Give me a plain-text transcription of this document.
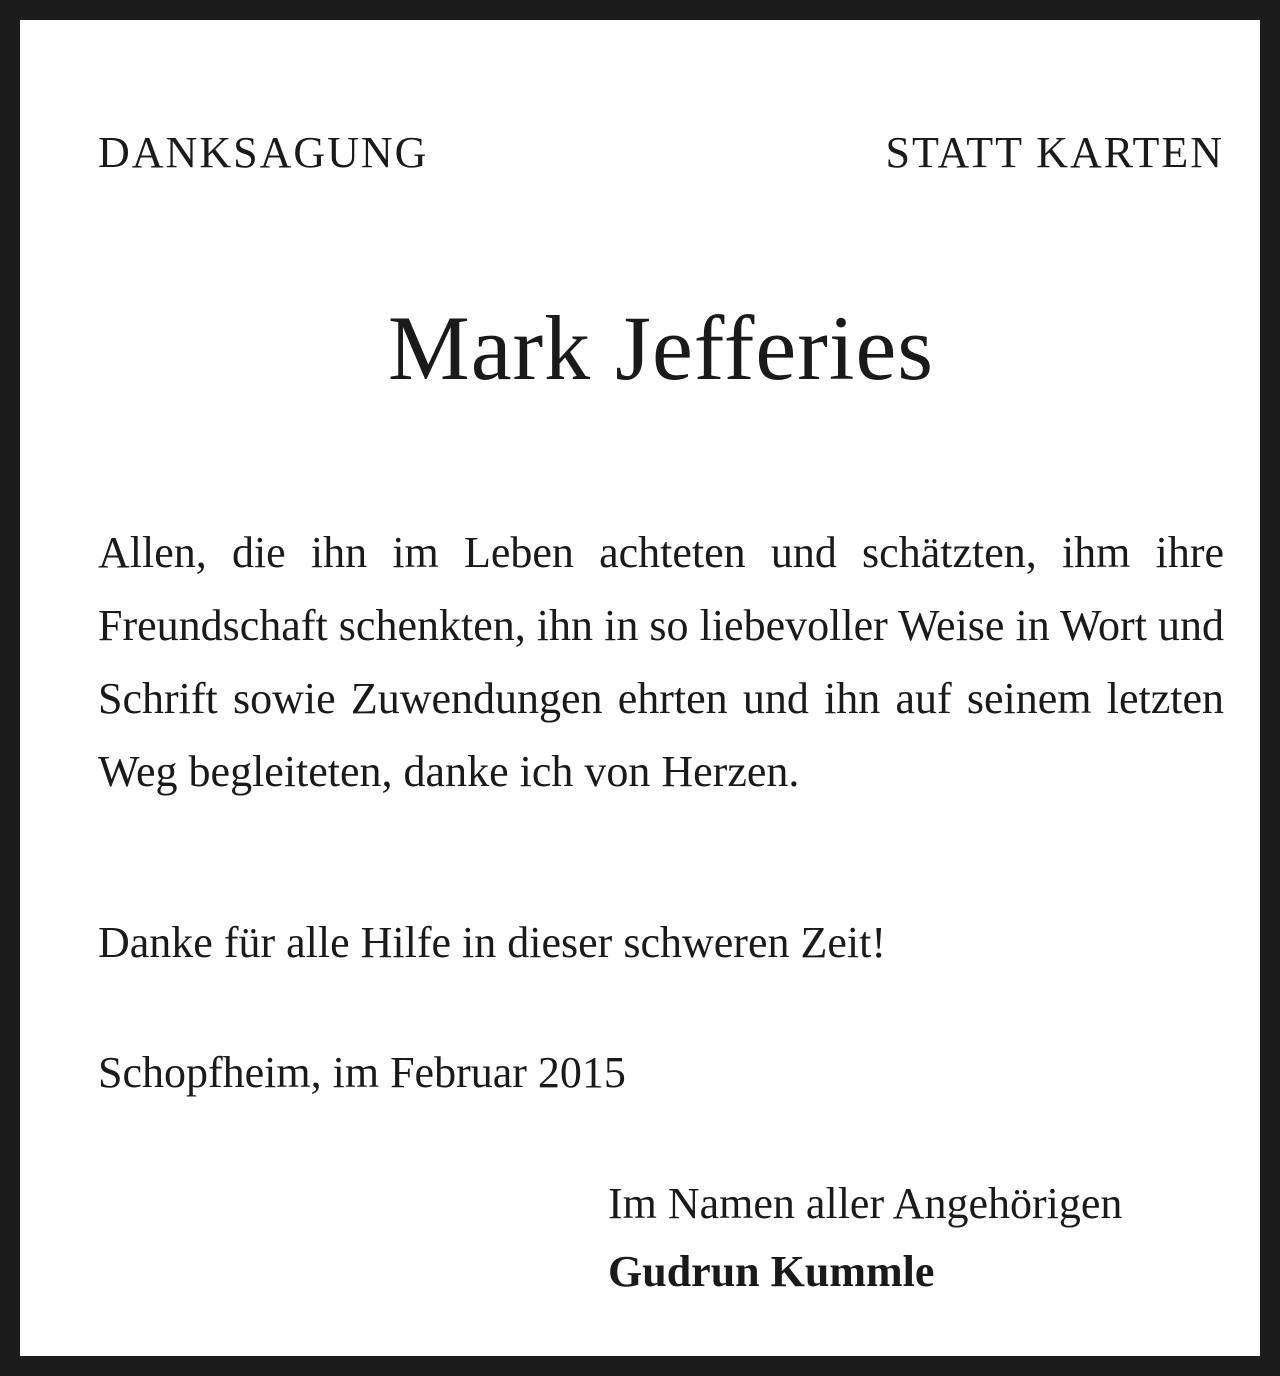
DANKSAGUNG	STATT KARTEN
Mark Jefferies

Allen, die ihn im Leben achteten und schätzten, ihm ihre Freundschaft schenkten, ihn in so liebevoller Weise in Wort und Schrift sowie Zuwendungen ehrten und ihn auf seinem letzten Weg begleiteten, danke ich von Herzen.

Danke für alle Hilfe in dieser schweren Zeit!

Schopfheim, im Februar 2015

Im Namen aller Angehörigen
Gudrun Kummle
